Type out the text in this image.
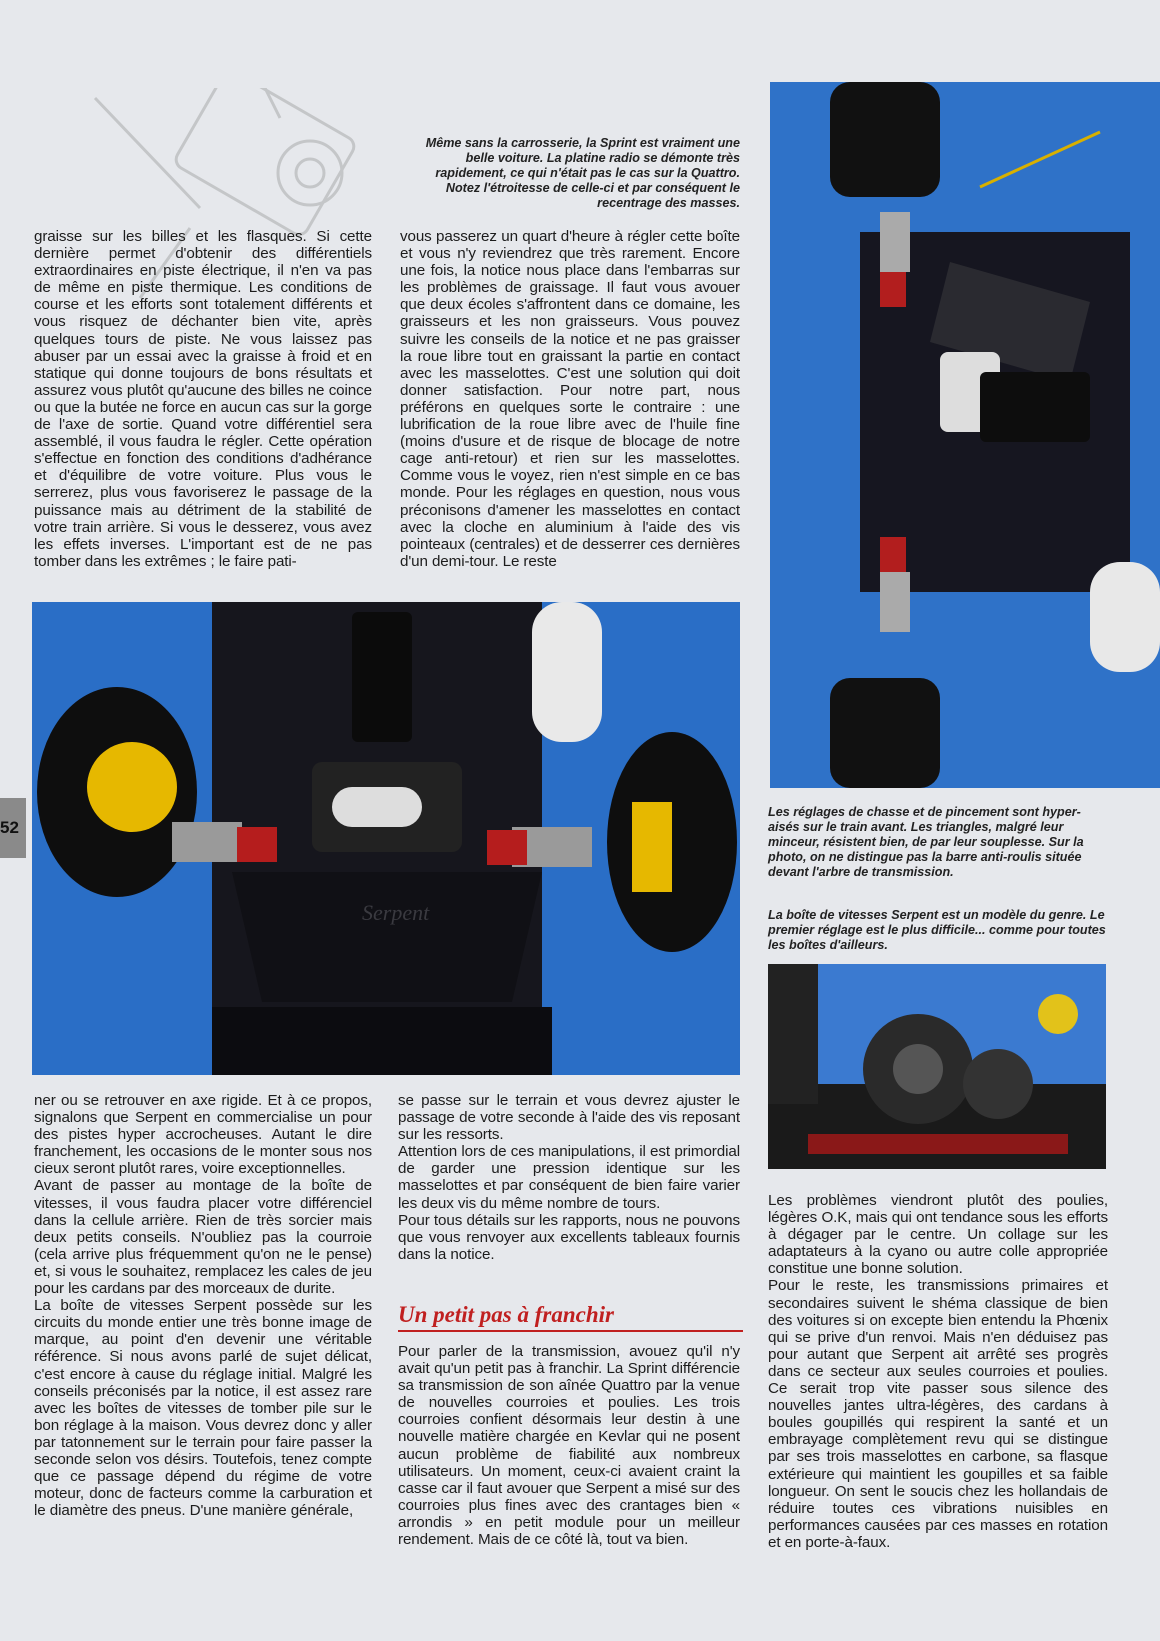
Même sans la carrosserie, la Sprint est vraiment une belle voiture. La platine radio se démonte très rapidement, ce qui n'était pas le cas sur la Quattro. Notez l'étroitesse de celle-ci et par conséquent le recentrage des masses.

graisse sur les billes et les flasques. Si cette dernière permet d'obtenir des différentiels extraordinaires en piste électrique, il n'en va pas de même en piste thermique. Les conditions de course et les efforts sont totalement différents et vous risquez de déchanter bien vite, après quelques tours de piste. Ne vous laissez pas abuser par un essai avec la graisse à froid et en statique qui donne toujours de bons résultats et assurez vous plutôt qu'aucune des billes ne coince ou que la butée ne force en aucun cas sur la gorge de l'axe de sortie. Quand votre différentiel sera assemblé, il vous faudra le régler. Cette opération s'effectue en fonction des conditions d'adhérance et d'équilibre de votre voiture. Plus vous le serrerez, plus vous favoriserez le passage de la puissance mais au détriment de la stabilité de votre train arrière. Si vous le desserez, vous avez les effets inverses. L'important est de ne pas tomber dans les extrêmes ; le faire pati-

vous passerez un quart d'heure à régler cette boîte et vous n'y reviendrez que très rarement. Encore une fois, la notice nous place dans l'embarras sur les problèmes de graissage. Il faut vous avouer que deux écoles s'affrontent dans ce domaine, les graisseurs et les non graisseurs. Vous pouvez suivre les conseils de la notice et ne pas graisser la roue libre tout en graissant la partie en contact avec les masselottes. C'est une solution qui doit donner satisfaction. Pour notre part, nous préférons en quelques sorte le contraire : une lubrification de la roue libre avec de l'huile fine (moins d'usure et de risque de blocage de notre cage anti-retour) et rien sur les masselottes. Comme vous le voyez, rien n'est simple en ce bas monde. Pour les réglages en question, nous vous préconisons d'amener les masselottes en contact avec la cloche en aluminium à l'aide des vis pointeaux (centrales) et de desserrer ces dernières d'un demi-tour. Le reste

Les réglages de chasse et de pincement sont hyper-aisés sur le train avant. Les triangles, malgré leur minceur, résistent bien, de par leur souplesse. Sur la photo, on ne distingue pas la barre anti-roulis située devant l'arbre de transmission.
La boîte de vitesses Serpent est un modèle du genre. Le premier réglage est le plus difficile... comme pour toutes les boîtes d'ailleurs.
Serpent
52

ner ou se retrouver en axe rigide. Et à ce propos, signalons que Serpent en commercialise un pour des pistes hyper accrocheuses. Autant le dire franchement, les occasions de le monter sous nos cieux seront plutôt rares, voire exceptionnelles.

Avant de passer au montage de la boîte de vitesses, il vous faudra placer votre différenciel dans la cellule arrière. Rien de très sorcier mais deux petits conseils. N'oubliez pas la courroie (cela arrive plus fréquemment qu'on ne le pense) et, si vous le souhaitez, remplacez les cales de jeu pour les cardans par des morceaux de durite.

La boîte de vitesses Serpent possède sur les circuits du monde entier une très bonne image de marque, au point d'en devenir une véritable référence. Si nous avons parlé de sujet délicat, c'est encore à cause du réglage initial. Malgré les conseils préconisés par la notice, il est assez rare avec les boîtes de vitesses de tomber pile sur le bon réglage à la maison. Vous devrez donc y aller par tatonnement sur le terrain pour faire passer la seconde selon vos désirs. Toutefois, tenez compte que ce passage dépend du régime de votre moteur, donc de facteurs comme la carburation et le diamètre des pneus. D'une manière générale,

se passe sur le terrain et vous devrez ajuster le passage de votre seconde à l'aide des vis reposant sur les ressorts.

Attention lors de ces manipulations, il est primordial de garder une pression identique sur les masselottes et par conséquent de bien faire varier les deux vis du même nombre de tours.

Pour tous détails sur les rapports, nous ne pouvons que vous renvoyer aux excellents tableaux fournis dans la notice.

Un petit pas à franchir

Pour parler de la transmission, avouez qu'il n'y avait qu'un petit pas à franchir. La Sprint différencie sa transmission de son aînée Quattro par la venue de nouvelles courroies et poulies. Les trois courroies confient désormais leur destin à une nouvelle matière chargée en Kevlar qui ne posent aucun problème de fiabilité aux nombreux utilisateurs. Un moment, ceux-ci avaient craint la casse car il faut avouer que Serpent a misé sur des courroies plus fines avec des crantages bien « arrondis » en petit module pour un meilleur rendement. Mais de ce côté là, tout va bien.

Les problèmes viendront plutôt des poulies, légères O.K, mais qui ont tendance sous les efforts à dégager par le centre. Un collage sur les adaptateurs à la cyano ou autre colle appropriée constitue une bonne solution.

Pour le reste, les transmissions primaires et secondaires suivent le shéma classique de bien des voitures si on excepte bien entendu la Phœnix qui se prive d'un renvoi. Mais n'en déduisez pas pour autant que Serpent ait arrêté ses progrès dans ce secteur aux seules courroies et poulies. Ce serait trop vite passer sous silence des nouvelles jantes ultra-légères, des cardans à boules goupillés qui respirent la santé et un embrayage complètement revu qui se distingue par ses trois masselottes en carbone, sa flasque extérieure qui maintient les goupilles et sa faible longueur. On sent le soucis chez les hollandais de réduire toutes ces vibrations nuisibles en performances causées par ces masses en rotation et en porte-à-faux.
